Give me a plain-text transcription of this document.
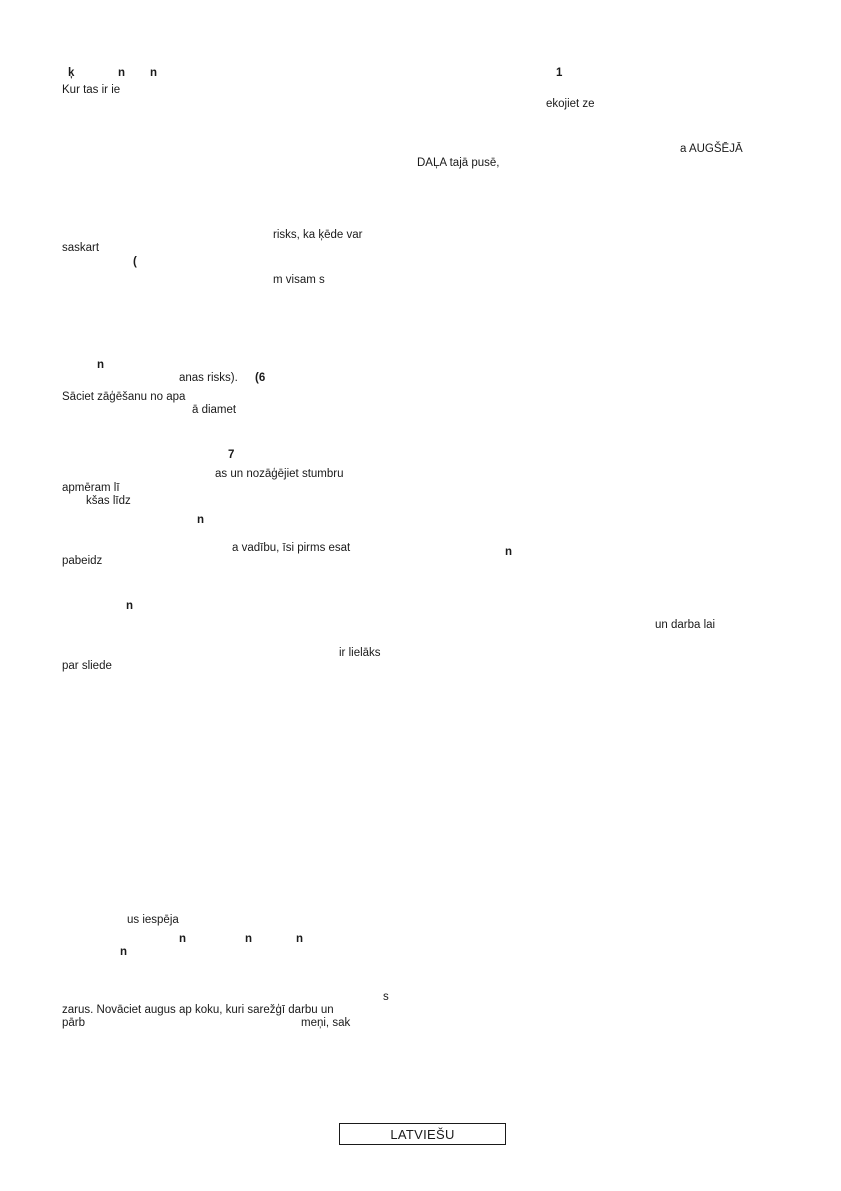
ķ	n n
Kur tas ir ie
risks, ka ķēde var
saskart
(
m visam s
n
anas risks). (6
Sāciet zāģēšanu no apa
ā diamet
7
as un nozāģējiet stumbru
apmēram lī
kšas līdz
n
a vadību, īsi pirms esat
pabeidz
n
ir lielāks
par sliede
us iespēja
n	n	n
n
s
zarus. Novāciet augus ap koku, kuri sarežģī darbu un
pārb	meņi, sak
1
ekojiet ze
a AUGŠĒJĀ
DAĻA tajā pusē,
n
un darba lai
LATVIEŠU
